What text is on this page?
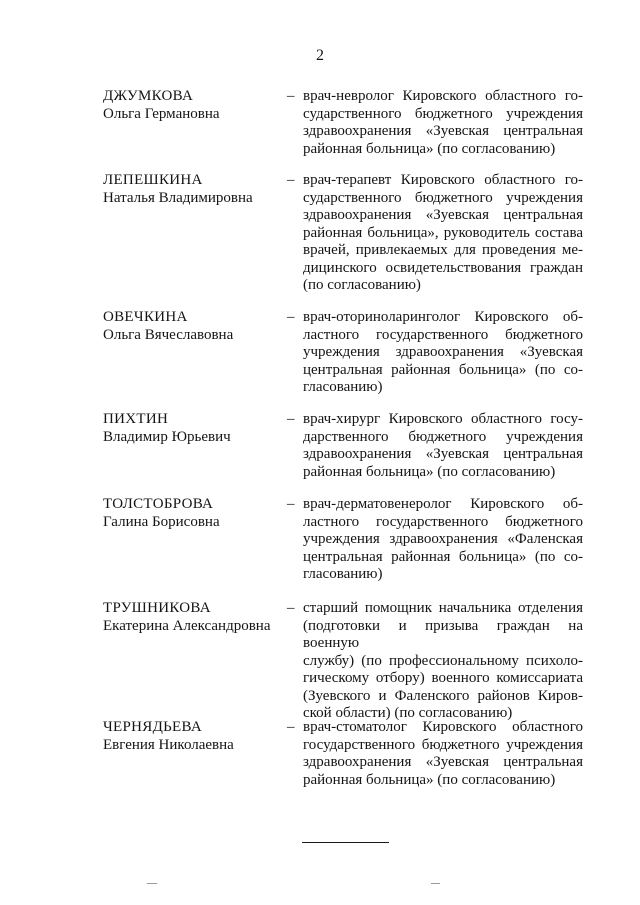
2
ДЖУМКОВА
Ольга Германовна
– врач-невролог Кировского областного го-
сударственного бюджетного учреждения
здравоохранения «Зуевская центральная
районная больница» (по согласованию)
ЛЕПЕШКИНА
Наталья Владимировна
– врач-терапевт Кировского областного го-
сударственного бюджетного учреждения
здравоохранения «Зуевская центральная
районная больница», руководитель состава
врачей, привлекаемых для проведения ме-
дицинского освидетельствования граждан
(по согласованию)
ОВЕЧКИНА
Ольга Вячеславовна
– врач-оториноларинголог Кировского об-
ластного государственного бюджетного
учреждения здравоохранения «Зуевская
центральная районная больница» (по со-
гласованию)
ПИХТИН
Владимир Юрьевич
– врач-хирург Кировского областного госу-
дарственного бюджетного учреждения
здравоохранения «Зуевская центральная
районная больница» (по согласованию)
ТОЛСТОБРОВА
Галина Борисовна
– врач-дерматовенеролог Кировского об-
ластного государственного бюджетного
учреждения здравоохранения «Фаленская
центральная районная больница» (по со-
гласованию)
ТРУШНИКОВА
Екатерина Александровна
– старший помощник начальника отделения
(подготовки и призыва граждан на военную
службу) (по профессиональному психоло-
гическому отбору) военного комиссариата
(Зуевского и Фаленского районов Киров-
ской области) (по согласованию)
ЧЕРНЯДЬЕВА
Евгения Николаевна
– врач-стоматолог Кировского областного
государственного бюджетного учреждения
здравоохранения «Зуевская центральная
районная больница» (по согласованию)
